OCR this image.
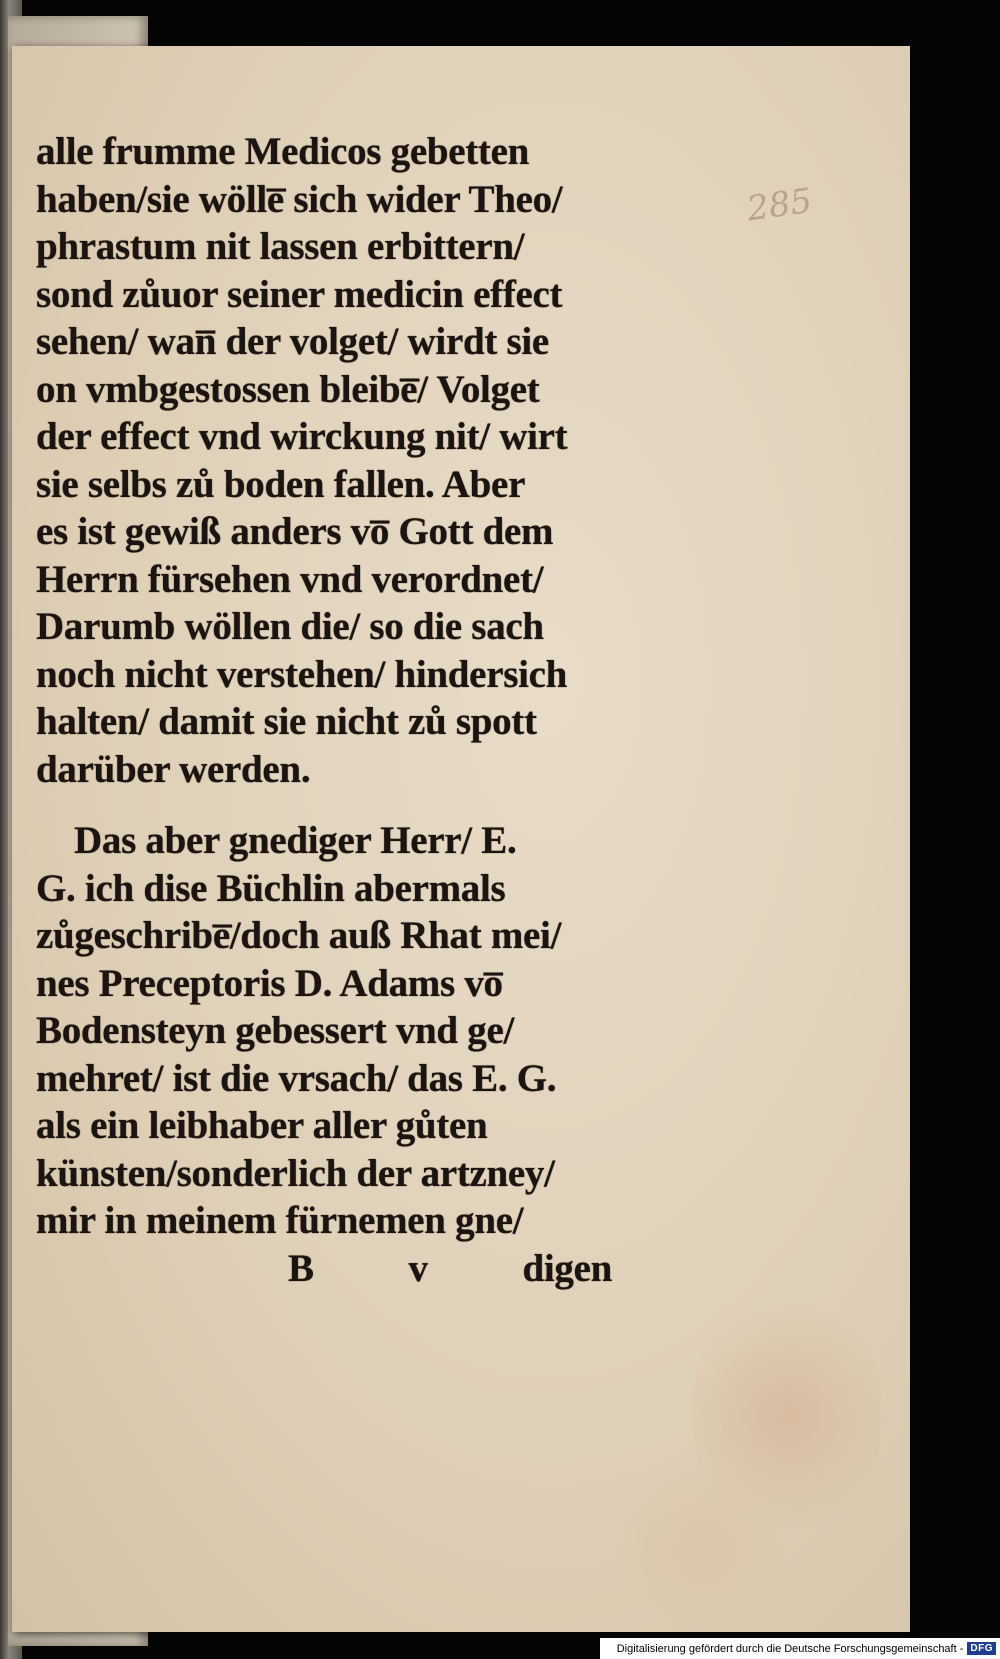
285
alle frumme Medicos gebetten
haben/sie wölle̅ sich wider Theo/
phrastum nit lassen erbittern/
sond zůuor seiner medicin effect
sehen/ wan̅ der volget/ wirdt sie
on vmbgestossen bleibe̅/ Volget
der effect vnd wirckung nit/ wirt
sie selbs zů boden fallen. Aber
es ist gewiß anders vo̅ Gott dem
Herrn fürsehen vnd verordnet/
Darumb wöllen die/ so die sach
noch nicht verstehen/ hindersich
halten/ damit sie nicht zů spott
darüber werden.
Das aber gnediger Herr/ E.
G. ich dise Büchlin abermals
zůgeschribe̅/doch auß Rhat mei/
nes Preceptoris D. Adams vo̅
Bodensteyn gebessert vnd ge/
mehret/ ist die vrsach/ das E. G.
als ein leibhaber aller gůten
künsten/sonderlich der artzney/
mir in meinem fürnemen gne/
B v digen
Digitalisierung gefördert durch die Deutsche Forschungsgemeinschaft - DFG
